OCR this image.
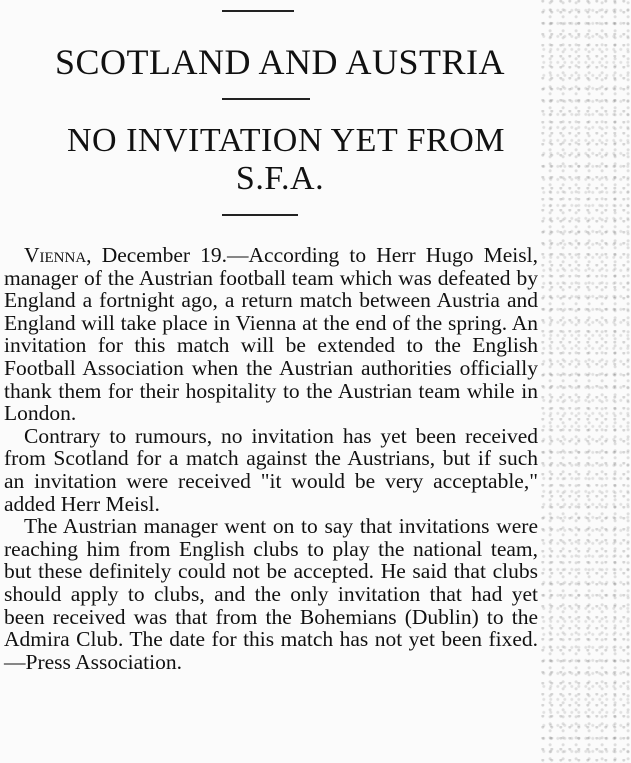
SCOTLAND AND AUSTRIA
NO INVITATION YET FROM
S.F.A.

Vienna, December 19.—According to Herr Hugo Meisl, manager of the Austrian football team which was defeated by England a fortnight ago, a return match between Austria and England will take place in Vienna at the end of the spring. An invitation for this match will be extended to the English Football Association when the Austrian authorities officially thank them for their hospitality to the Austrian team while in London.

Contrary to rumours, no invitation has yet been received from Scotland for a match against the Austrians, but if such an invitation were received "it would be very acceptable," added Herr Meisl.

The Austrian manager went on to say that invitations were reaching him from English clubs to play the national team, but these definitely could not be accepted. He said that clubs should apply to clubs, and the only invitation that had yet been received was that from the Bohemians (Dublin) to the Admira Club. The date for this match has not yet been fixed.—Press Association.
